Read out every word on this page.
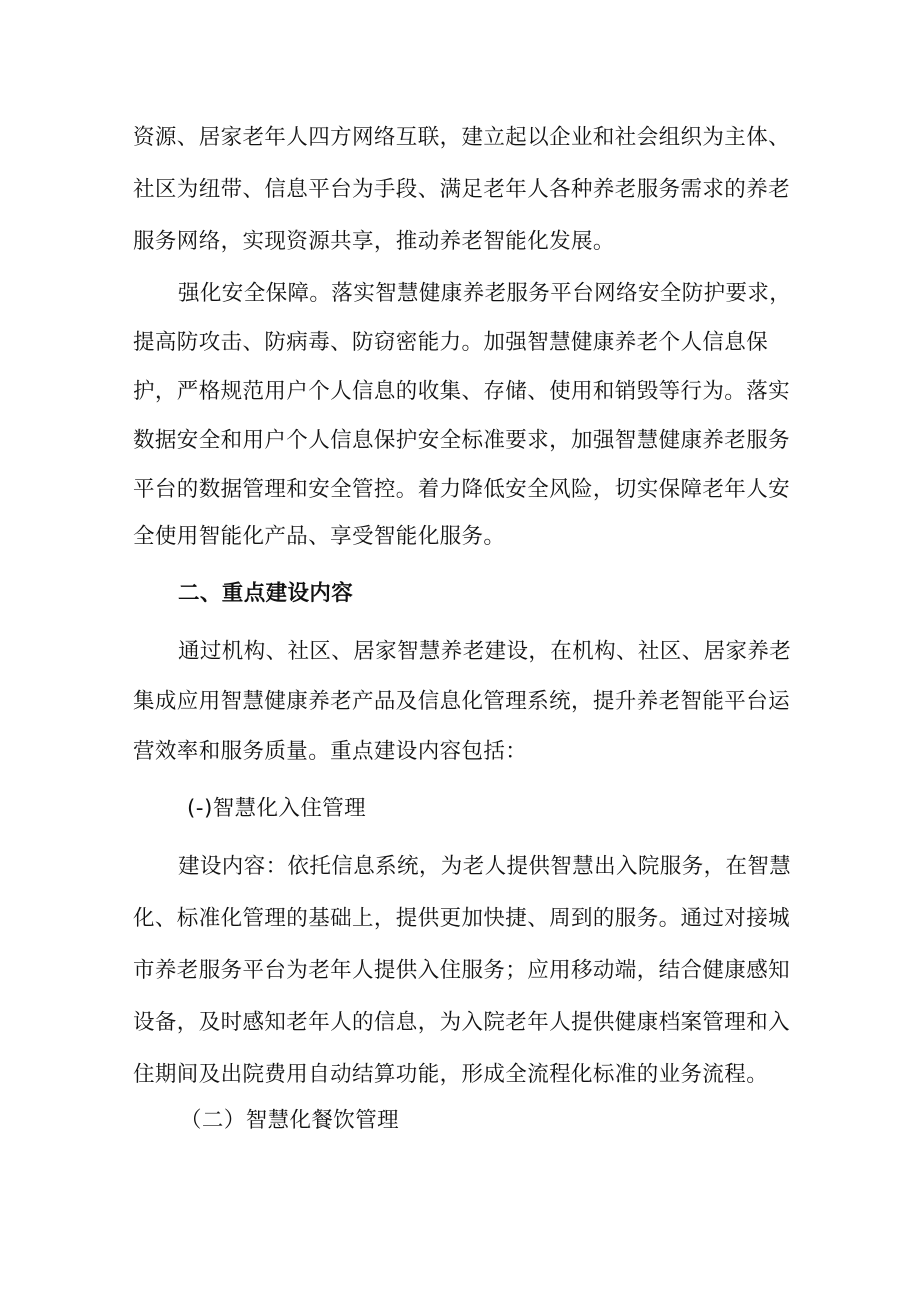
资源、居家老年人四方网络互联，建立起以企业和社会组织为主体、
社区为纽带、信息平台为手段、满足老年人各种养老服务需求的养老
服务网络，实现资源共享，推动养老智能化发展。
强化安全保障。落实智慧健康养老服务平台网络安全防护要求，
提高防攻击、防病毒、防窃密能力。加强智慧健康养老个人信息保
护，严格规范用户个人信息的收集、存储、使用和销毁等行为。落实
数据安全和用户个人信息保护安全标准要求，加强智慧健康养老服务
平台的数据管理和安全管控。着力降低安全风险，切实保障老年人安
全使用智能化产品、享受智能化服务。
二、重点建设内容
通过机构、社区、居家智慧养老建设，在机构、社区、居家养老
集成应用智慧健康养老产品及信息化管理系统，提升养老智能平台运
营效率和服务质量。重点建设内容包括：
(-)智慧化入住管理
建设内容：依托信息系统，为老人提供智慧出入院服务，在智慧
化、标准化管理的基础上，提供更加快捷、周到的服务。通过对接城
市养老服务平台为老年人提供入住服务；应用移动端，结合健康感知
设备，及时感知老年人的信息，为入院老年人提供健康档案管理和入
住期间及出院费用自动结算功能，形成全流程化标准的业务流程。
（二）智慧化餐饮管理
